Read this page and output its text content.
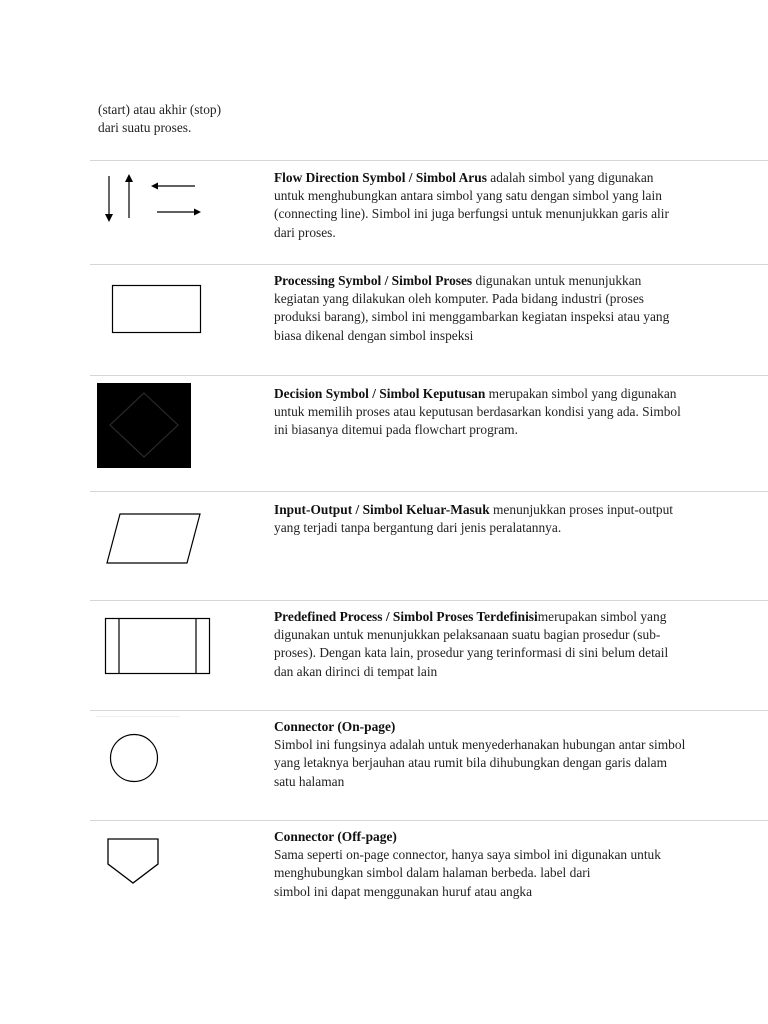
(start) atau akhir (stop)
dari suatu proses.
Flow Direction Symbol / Simbol Arus adalah simbol yang digunakan
untuk menghubungkan antara simbol yang satu dengan simbol yang lain
(connecting line). Simbol ini juga berfungsi untuk menunjukkan garis alir
dari proses.
Processing Symbol / Simbol Proses digunakan untuk menunjukkan
kegiatan yang dilakukan oleh komputer. Pada bidang industri (proses
produksi barang), simbol ini menggambarkan kegiatan inspeksi atau yang
biasa dikenal dengan simbol inspeksi
Decision Symbol / Simbol Keputusan merupakan simbol yang digunakan
untuk memilih proses atau keputusan berdasarkan kondisi yang ada. Simbol
ini biasanya ditemui pada flowchart program.
Input-Output / Simbol Keluar-Masuk menunjukkan proses input-output
yang terjadi tanpa bergantung dari jenis peralatannya.
Predefined Process / Simbol Proses Terdefinisimerupakan simbol yang
digunakan untuk menunjukkan pelaksanaan suatu bagian prosedur (sub-
proses). Dengan kata lain, prosedur yang terinformasi di sini belum detail
dan akan dirinci di tempat lain
Connector (On-page)
Simbol ini fungsinya adalah untuk menyederhanakan hubungan antar simbol
yang letaknya berjauhan atau rumit bila dihubungkan dengan garis dalam
satu halaman
Connector (Off-page)
Sama seperti on-page connector, hanya saya simbol ini digunakan untuk
menghubungkan simbol dalam halaman berbeda. label dari
simbol ini dapat menggunakan huruf atau angka
